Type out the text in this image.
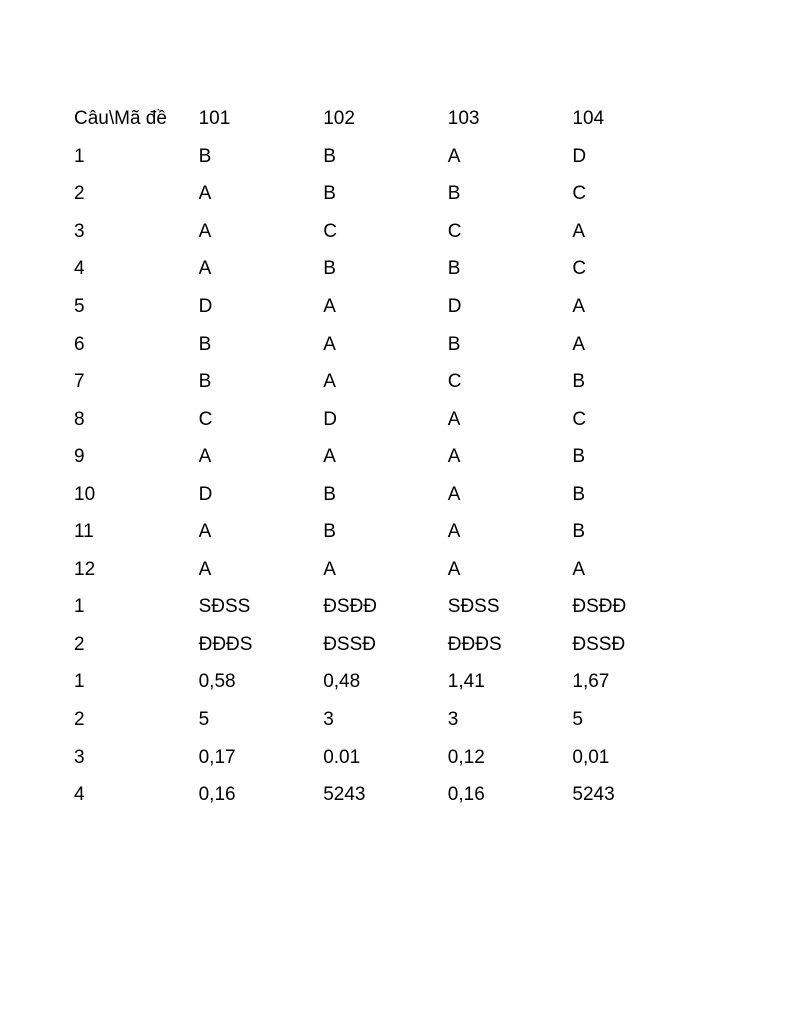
Câu\Mã đề	101	102	103	104
1	B	B	A	D
2	A	B	B	C
3	A	C	C	A
4	A	B	B	C
5	D	A	D	A
6	B	A	B	A
7	B	A	C	B
8	C	D	A	C
9	A	A	A	B
10	D	B	A	B
11	A	B	A	B
12	A	A	A	A
1	SĐSS	ĐSĐĐ	SĐSS	ĐSĐĐ
2	ĐĐĐS	ĐSSĐ	ĐĐĐS	ĐSSĐ
1	0,58	0,48	1,41	1,67
2	5	3	3	5
3	0,17	0.01	0,12	0,01
4	0,16	5243	0,16	5243
